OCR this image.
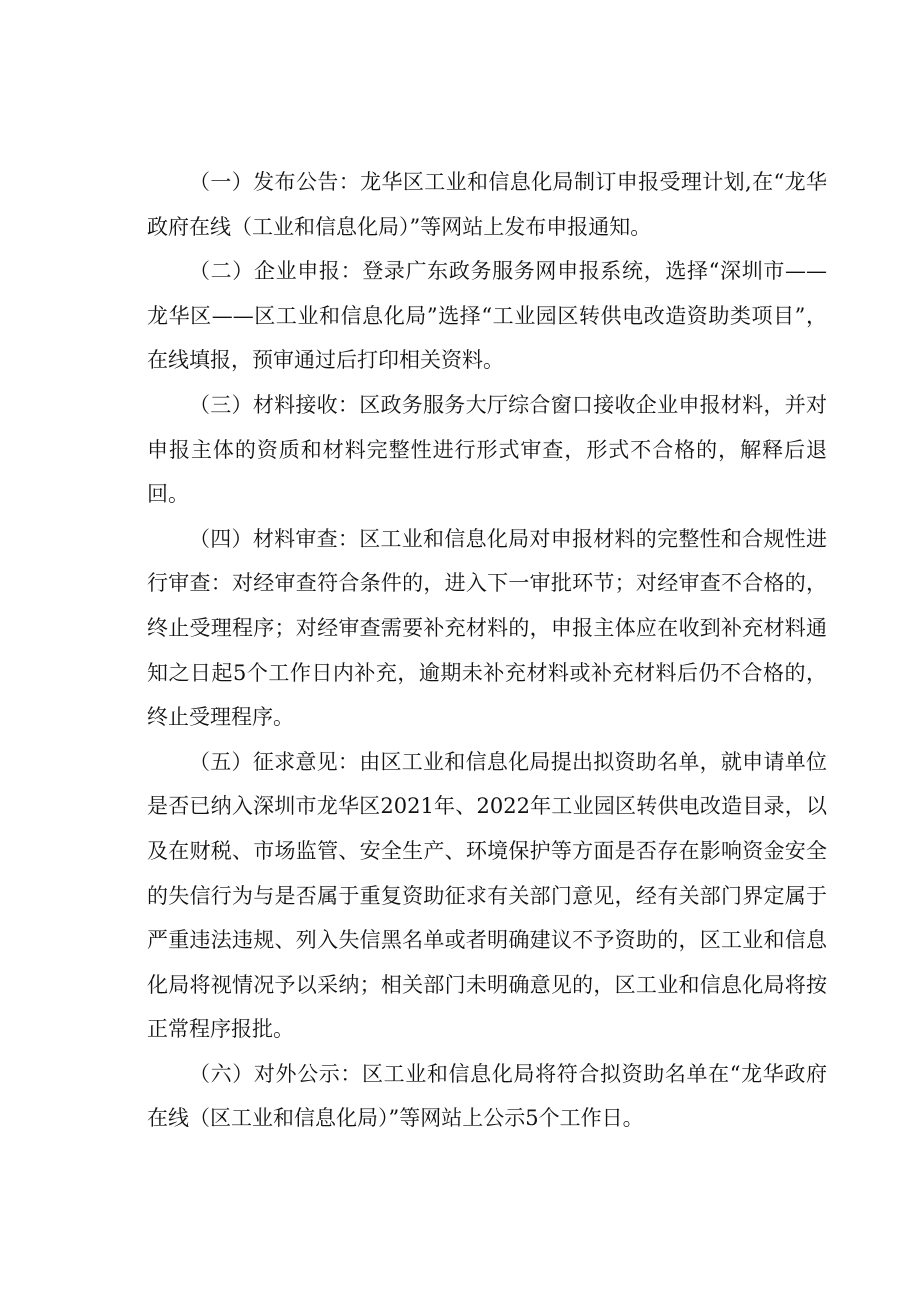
（一）发布公告：龙华区工业和信息化局制订申报受理计划,在“龙华政府在线（工业和信息化局）”等网站上发布申报通知。

（二）企业申报：登录广东政务服务网申报系统，选择“深圳市——龙华区——区工业和信息化局”选择“工业园区转供电改造资助类项目”，在线填报，预审通过后打印相关资料。

（三）材料接收：区政务服务大厅综合窗口接收企业申报材料，并对申报主体的资质和材料完整性进行形式审查，形式不合格的，解释后退回。

（四）材料审查：区工业和信息化局对申报材料的完整性和合规性进行审查：对经审查符合条件的，进入下一审批环节；对经审查不合格的，终止受理程序；对经审查需要补充材料的，申报主体应在收到补充材料通知之日起5个工作日内补充，逾期未补充材料或补充材料后仍不合格的，终止受理程序。

（五）征求意见：由区工业和信息化局提出拟资助名单，就申请单位是否已纳入深圳市龙华区2021年、2022年工业园区转供电改造目录，以及在财税、市场监管、安全生产、环境保护等方面是否存在影响资金安全的失信行为与是否属于重复资助征求有关部门意见，经有关部门界定属于严重违法违规、列入失信黑名单或者明确建议不予资助的，区工业和信息化局将视情况予以采纳；相关部门未明确意见的，区工业和信息化局将按正常程序报批。

（六）对外公示：区工业和信息化局将符合拟资助名单在“龙华政府在线（区工业和信息化局）”等网站上公示5个工作日。
